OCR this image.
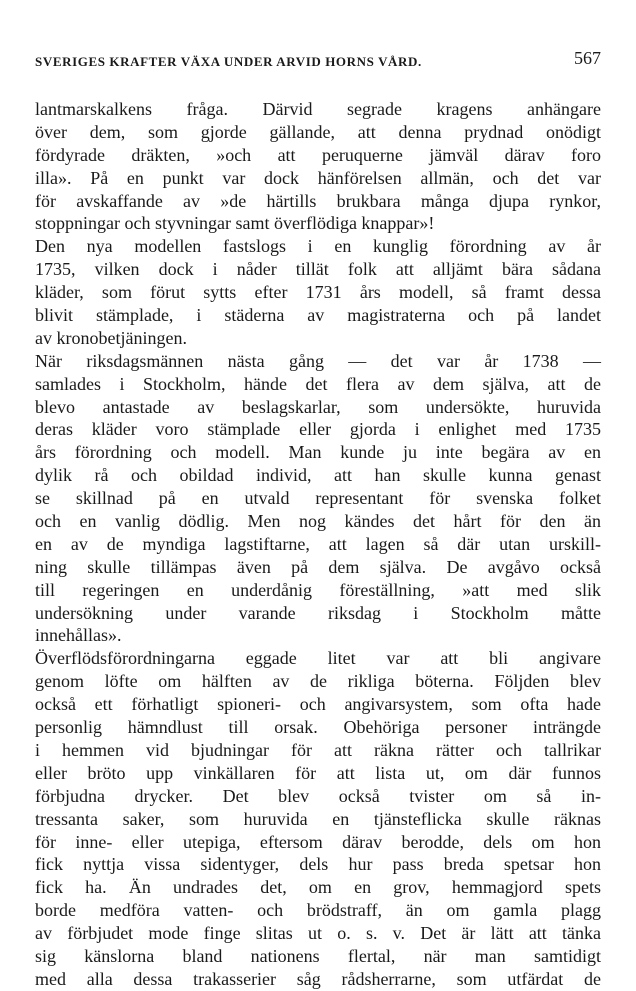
SVERIGES KRAFTER VÄXA UNDER ARVID HORNS VÅRD.	567
lantmarskalkens fråga. Därvid segrade kragens anhängare
över dem, som gjorde gällande, att denna prydnad onödigt
fördyrade dräkten, »och att peruquerne jämväl därav foro
illa». På en punkt var dock hänförelsen allmän, och det var
för avskaffande av »de härtills brukbara många djupa rynkor,
stoppningar och styvningar samt överflödiga knappar»!
Den nya modellen fastslogs i en kunglig förordning av år
1735, vilken dock i nåder tillät folk att alljämt bära sådana
kläder, som förut sytts efter 1731 års modell, så framt dessa
blivit stämplade, i städerna av magistraterna och på landet
av kronobetjäningen.
När riksdagsmännen nästa gång — det var år 1738 —
samlades i Stockholm, hände det flera av dem själva, att de
blevo antastade av beslagskarlar, som undersökte, huruvida
deras kläder voro stämplade eller gjorda i enlighet med 1735
års förordning och modell. Man kunde ju inte begära av en
dylik rå och obildad individ, att han skulle kunna genast
se skillnad på en utvald representant för svenska folket
och en vanlig dödlig. Men nog kändes det hårt för den än
en av de myndiga lagstiftarne, att lagen så där utan urskill-
ning skulle tillämpas även på dem själva. De avgåvo också
till regeringen en underdånig föreställning, »att med slik
undersökning under varande riksdag i Stockholm måtte
innehållas».
Överflödsförordningarna eggade litet var att bli angivare
genom löfte om hälften av de rikliga böterna. Följden blev
också ett förhatligt spioneri- och angivarsystem, som ofta hade
personlig hämndlust till orsak. Obehöriga personer inträngde
i hemmen vid bjudningar för att räkna rätter och tallrikar
eller bröto upp vinkällaren för att lista ut, om där funnos
förbjudna drycker. Det blev också tvister om så in-
tressanta saker, som huruvida en tjänsteflicka skulle räknas
för inne- eller utepiga, eftersom därav berodde, dels om hon
fick nyttja vissa sidentyger, dels hur pass breda spetsar hon
fick ha. Än undrades det, om en grov, hemmagjord spets
borde medföra vatten- och brödstraff, än om gamla plagg
av förbjudet mode finge slitas ut o. s. v. Det är lätt att tänka
sig känslorna bland nationens flertal, när man samtidigt
med alla dessa trakasserier såg rådsherrarne, som utfärdat de
